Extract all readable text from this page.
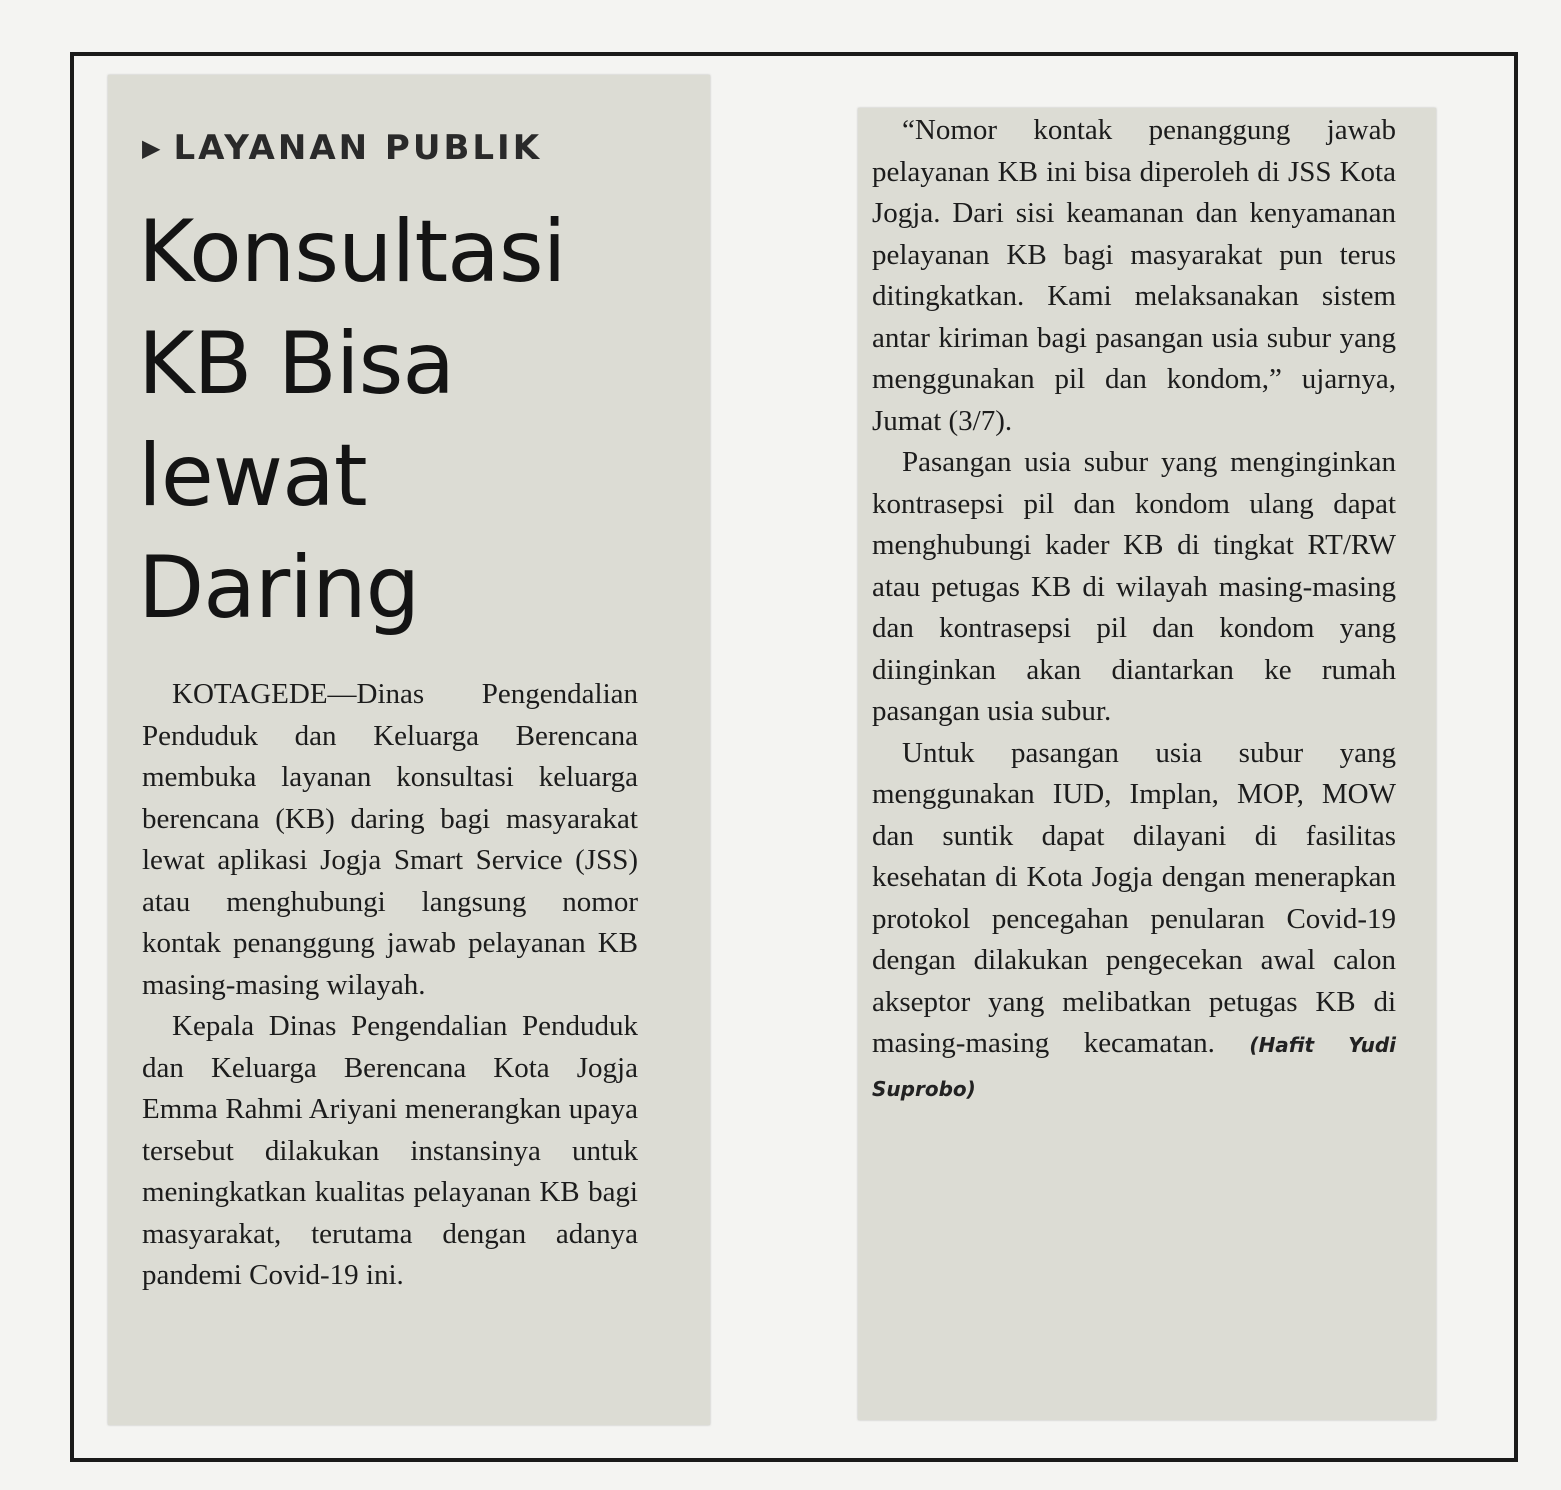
▶ LAYANAN PUBLIK
Konsultasi
KB Bisa
lewat
Daring

KOTAGEDE—Dinas Pengendalian Penduduk dan Keluarga Berencana membuka layanan konsultasi keluarga berencana (KB) daring bagi masyarakat lewat aplikasi Jogja Smart Service (JSS) atau menghubungi langsung nomor kontak penanggung jawab pelayanan KB masing-masing wilayah.

Kepala Dinas Pengendalian Penduduk dan Keluarga Berencana Kota Jogja Emma Rahmi Ariyani menerangkan upaya tersebut dilakukan instansinya untuk meningkatkan kualitas pelayanan KB bagi masyarakat, terutama dengan adanya pandemi Covid-19 ini.

“Nomor kontak penanggung jawab pelayanan KB ini bisa diperoleh di JSS Kota Jogja. Dari sisi keamanan dan kenyamanan pelayanan KB bagi masyarakat pun terus ditingkatkan. Kami melaksanakan sistem antar kiriman bagi pasangan usia subur yang menggunakan pil dan kondom,” ujarnya, Jumat (3/7).

Pasangan usia subur yang menginginkan kontrasepsi pil dan kondom ulang dapat menghubungi kader KB di tingkat RT/RW atau petugas KB di wilayah masing-masing dan kontrasepsi pil dan kondom yang diinginkan akan diantarkan ke rumah pasangan usia subur.

Untuk pasangan usia subur yang menggunakan IUD, Implan, MOP, MOW dan suntik dapat dilayani di fasilitas kesehatan di Kota Jogja dengan menerapkan protokol pencegahan penularan Covid-19 dengan dilakukan pengecekan awal calon akseptor yang melibatkan petugas KB di masing-masing kecamatan. (Hafit Yudi Suprobo)
